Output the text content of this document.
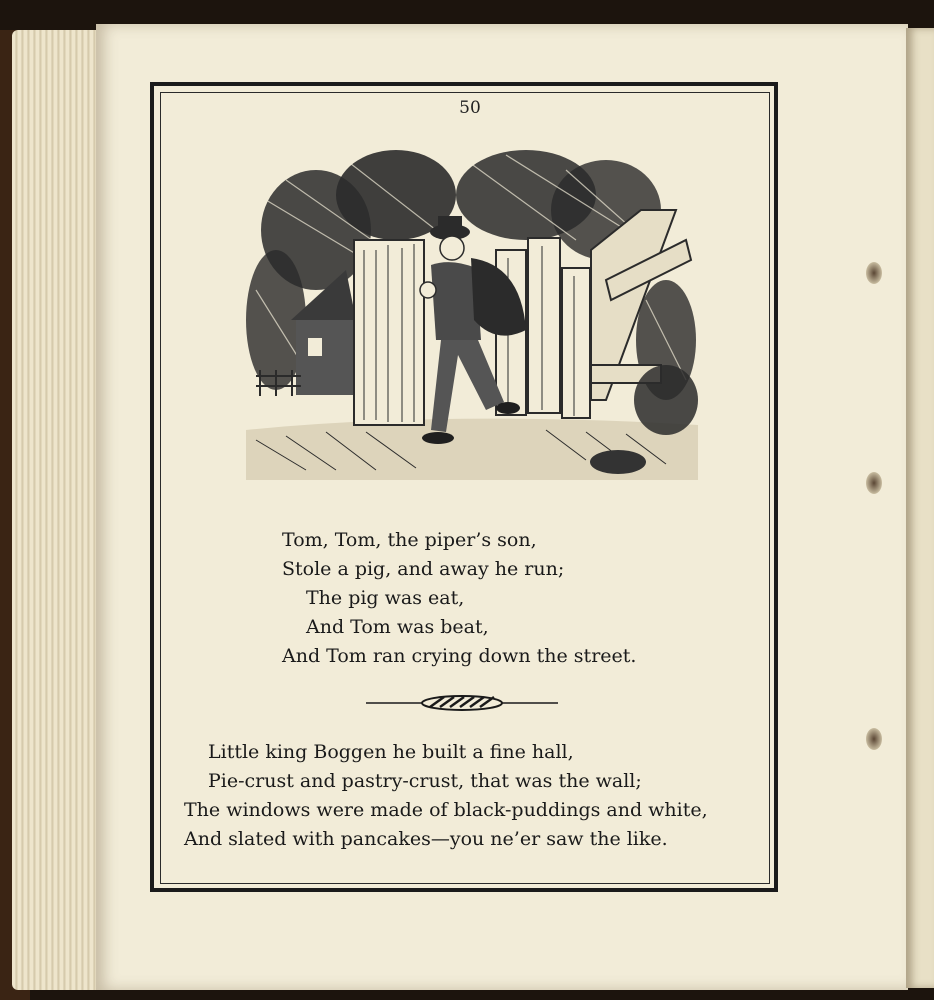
50
Tom, Tom, the piper’s son,
Stole a pig, and away he run;
The pig was eat,
And Tom was beat,
And Tom ran crying down the street.
Little king Boggen he built a fine hall,
Pie-crust and pastry-crust, that was the wall;
The windows were made of black-puddings and white,
And slated with pancakes—you ne’er saw the like.
